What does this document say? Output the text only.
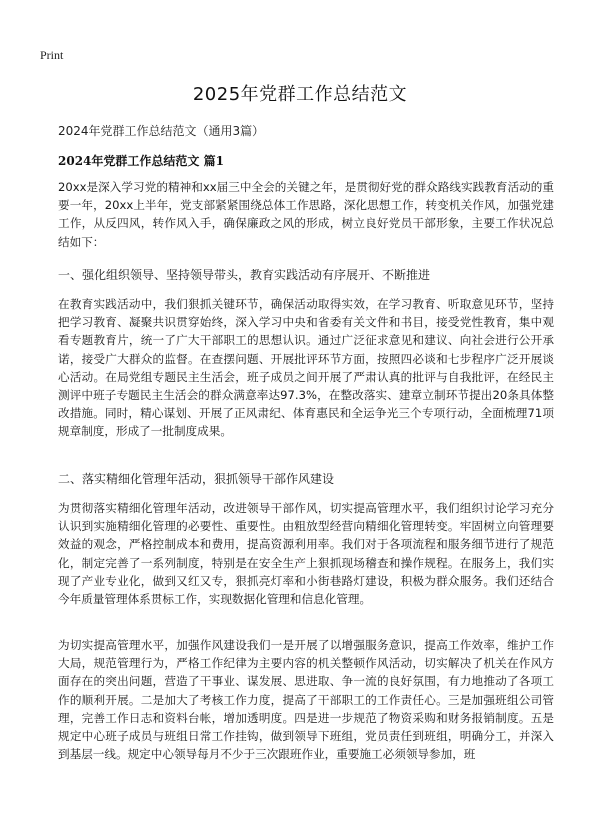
Print
2025年党群工作总结范文
2024年党群工作总结范文（通用3篇）
2024年党群工作总结范文 篇1

20xx是深入学习党的精神和xx届三中全会的关键之年，是贯彻好党的群众路线实践教育活动的重要一年，20xx上半年，党支部紧紧围绕总体工作思路，深化思想工作，转变机关作风，加强党建工作，从反四风，转作风入手，确保廉政之风的形成，树立良好党员干部形象，主要工作状况总结如下：

一、强化组织领导、坚持领导带头，教育实践活动有序展开、不断推进

在教育实践活动中，我们狠抓关键环节，确保活动取得实效，在学习教育、听取意见环节，坚持把学习教育、凝聚共识贯穿始终，深入学习中央和省委有关文件和书目，接受党性教育，集中观看专题教育片，统一了广大干部职工的思想认识。通过广泛征求意见和建议、向社会进行公开承诺，接受广大群众的监督。在查摆问题、开展批评环节方面，按照四必谈和七步程序广泛开展谈心活动。在局党组专题民主生活会，班子成员之间开展了严肃认真的批评与自我批评，在经民主测评中班子专题民主生活会的群众满意率达97.3%，在整改落实、建章立制环节提出20条具体整改措施。同时，精心谋划、开展了正风肃纪、体育惠民和全运争光三个专项行动，全面梳理71项规章制度，形成了一批制度成果。

二、落实精细化管理年活动，狠抓领导干部作风建设

为贯彻落实精细化管理年活动，改进领导干部作风，切实提高管理水平，我们组织讨论学习充分认识到实施精细化管理的必要性、重要性。由粗放型经营向精细化管理转变。牢固树立向管理要效益的观念，严格控制成本和费用，提高资源利用率。我们对于各项流程和服务细节进行了规范化，制定完善了一系列制度，特别是在安全生产上狠抓现场稽查和操作规程。在服务上，我们实现了产业专业化，做到又红又专，狠抓亮灯率和小街巷路灯建设，积极为群众服务。我们还结合今年质量管理体系贯标工作，实现数据化管理和信息化管理。

为切实提高管理水平，加强作风建设我们一是开展了以增强服务意识，提高工作效率，维护工作大局，规范管理行为，严格工作纪律为主要内容的机关整顿作风活动，切实解决了机关在作风方面存在的突出问题，营造了干事业、谋发展、思进取、争一流的良好氛围，有力地推动了各项工作的顺利开展。二是加大了考核工作力度，提高了干部职工的工作责任心。三是加强班组公司管理，完善工作日志和资料台帐，增加透明度。四是进一步规范了物资采购和财务报销制度。五是规定中心班子成员与班组日常工作挂钩，做到领导下班组，党员责任到班组，明确分工，并深入到基层一线。规定中心领导每月不少于三次跟班作业，重要施工必须领导参加，班
